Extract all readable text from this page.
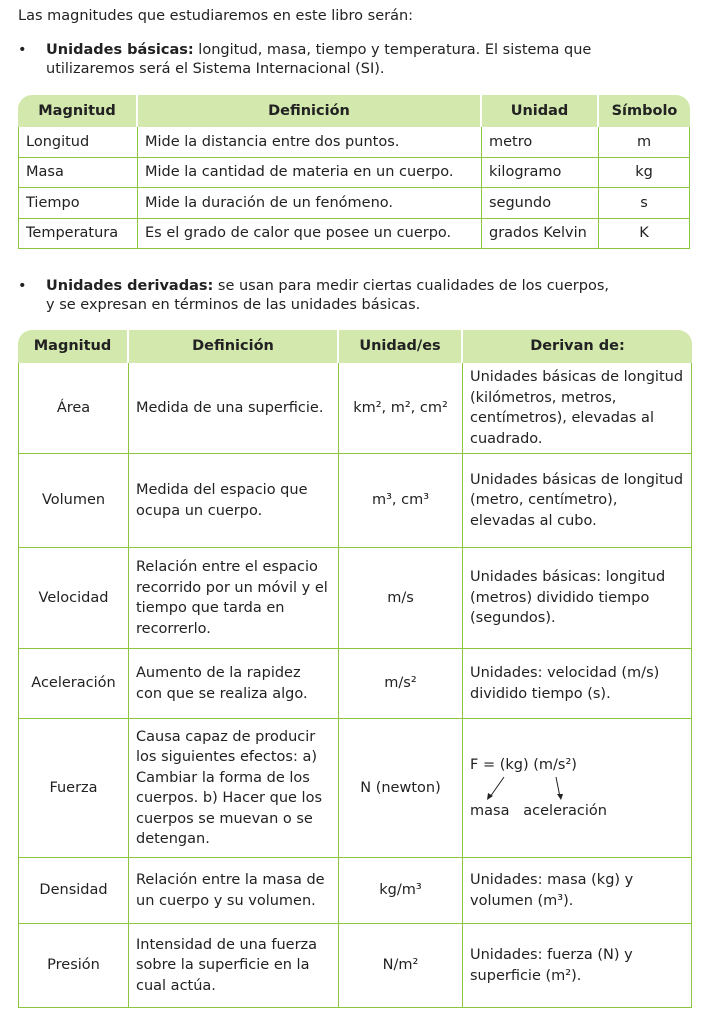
Las magnitudes que estudiaremos en este libro serán:
• Unidades básicas: longitud, masa, tiempo y temperatura. El sistema que
utilizaremos será el Sistema Internacional (SI).
Magnitud	Definición	Unidad	Símbolo
Longitud	Mide la distancia entre dos puntos.	metro	m
Masa	Mide la cantidad de materia en un cuerpo.	kilogramo	kg
Tiempo	Mide la duración de un fenómeno.	segundo	s
Temperatura	Es el grado de calor que posee un cuerpo.	grados Kelvin	K
• Unidades derivadas: se usan para medir ciertas cualidades de los cuerpos,
y se expresan en términos de las unidades básicas.
Magnitud	Definición	Unidad/es	Derivan de:
Área	Medida de una superficie.	km², m², cm²	Unidades básicas de longitud (kilómetros, metros, centímetros), elevadas al cuadrado.
Volumen	Medida del espacio que ocupa un cuerpo.	m³, cm³	Unidades básicas de longitud (metro, centímetro), elevadas al cubo.
Velocidad	Relación entre el espacio recorrido por un móvil y el tiempo que tarda en recorrerlo.	m/s	Unidades básicas: longitud (metros) dividido tiempo (segundos).
Aceleración	Aumento de la rapidez con que se realiza algo.	m/s²	Unidades: velocidad (m/s) dividido tiempo (s).
Fuerza	Causa capaz de producir los siguientes efectos: a) Cambiar la forma de los cuerpos. b) Hacer que los cuerpos se muevan o se detengan.	N (newton)	F = (kg) (m/s²)
masa   aceleración

Densidad	Relación entre la masa de un cuerpo y su volumen.	kg/m³	Unidades: masa (kg) y volumen (m³).
Presión	Intensidad de una fuerza sobre la superficie en la cual actúa.	N/m²	Unidades: fuerza (N) y superficie (m²).
